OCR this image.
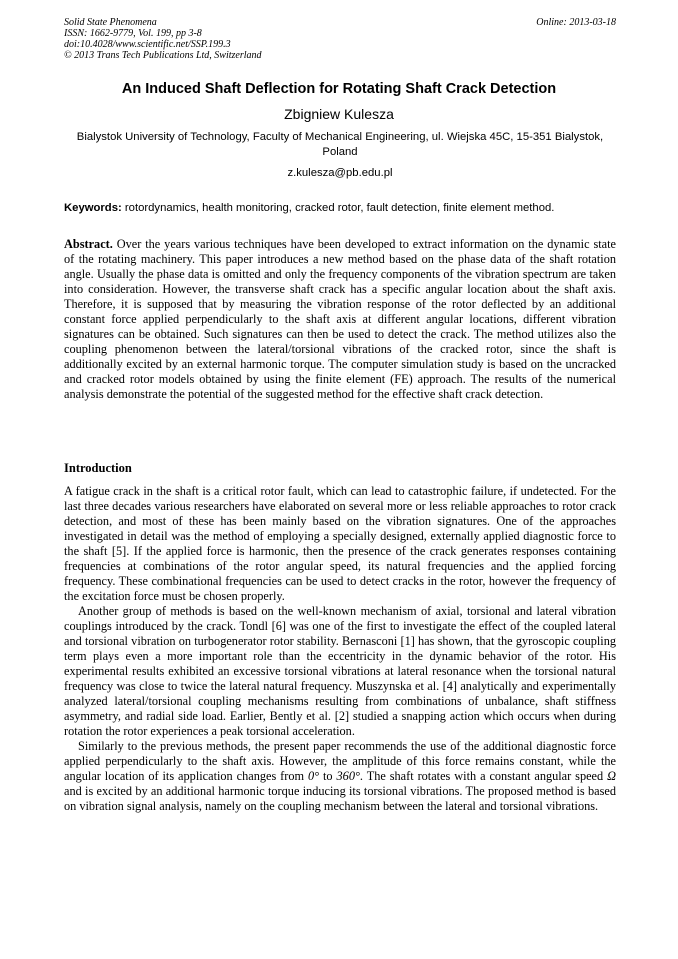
Solid State Phenomena
ISSN: 1662-9779, Vol. 199, pp 3-8
doi:10.4028/www.scientific.net/SSP.199.3
© 2013 Trans Tech Publications Ltd, Switzerland
Online: 2013-03-18
An Induced Shaft Deflection for Rotating Shaft Crack Detection
Zbigniew Kulesza
Bialystok University of Technology, Faculty of Mechanical Engineering, ul. Wiejska 45C, 15-351 Bialystok, Poland
z.kulesza@pb.edu.pl
Keywords: rotordynamics, health monitoring, cracked rotor, fault detection, finite element method.
Abstract. Over the years various techniques have been developed to extract information on the dynamic state of the rotating machinery. This paper introduces a new method based on the phase data of the shaft rotation angle. Usually the phase data is omitted and only the frequency components of the vibration spectrum are taken into consideration. However, the transverse shaft crack has a specific angular location about the shaft axis. Therefore, it is supposed that by measuring the vibration response of the rotor deflected by an additional constant force applied perpendicularly to the shaft axis at different angular locations, different vibration signatures can be obtained. Such signatures can then be used to detect the crack. The method utilizes also the coupling phenomenon between the lateral/torsional vibrations of the cracked rotor, since the shaft is additionally excited by an external harmonic torque. The computer simulation study is based on the uncracked and cracked rotor models obtained by using the finite element (FE) approach. The results of the numerical analysis demonstrate the potential of the suggested method for the effective shaft crack detection.
Introduction

A fatigue crack in the shaft is a critical rotor fault, which can lead to catastrophic failure, if undetected. For the last three decades various researchers have elaborated on several more or less reliable approaches to rotor crack detection, and most of these has been mainly based on the vibration signatures. One of the approaches investigated in detail was the method of employing a specially designed, externally applied diagnostic force to the shaft [5]. If the applied force is harmonic, then the presence of the crack generates responses containing frequencies at combinations of the rotor angular speed, its natural frequencies and the applied forcing frequency. These combinational frequencies can be used to detect cracks in the rotor, however the frequency of the excitation force must be chosen properly.

Another group of methods is based on the well-known mechanism of axial, torsional and lateral vibration couplings introduced by the crack. Tondl [6] was one of the first to investigate the effect of the coupled lateral and torsional vibration on turbogenerator rotor stability. Bernasconi [1] has shown, that the gyroscopic coupling term plays even a more important role than the eccentricity in the dynamic behavior of the rotor. His experimental results exhibited an excessive torsional vibrations at lateral resonance when the torsional natural frequency was close to twice the lateral natural frequency. Muszynska et al. [4] analytically and experimentally analyzed lateral/torsional coupling mechanisms resulting from combinations of unbalance, shaft stiffness asymmetry, and radial side load. Earlier, Bently et al. [2] studied a snapping action which occurs when during rotation the rotor experiences a peak torsional acceleration.

Similarly to the previous methods, the present paper recommends the use of the additional diagnostic force applied perpendicularly to the shaft axis. However, the amplitude of this force remains constant, while the angular location of its application changes from 0° to 360°. The shaft rotates with a constant angular speed Ω and is excited by an additional harmonic torque inducing its torsional vibrations. The proposed method is based on vibration signal analysis, namely on the coupling mechanism between the lateral and torsional vibrations.
